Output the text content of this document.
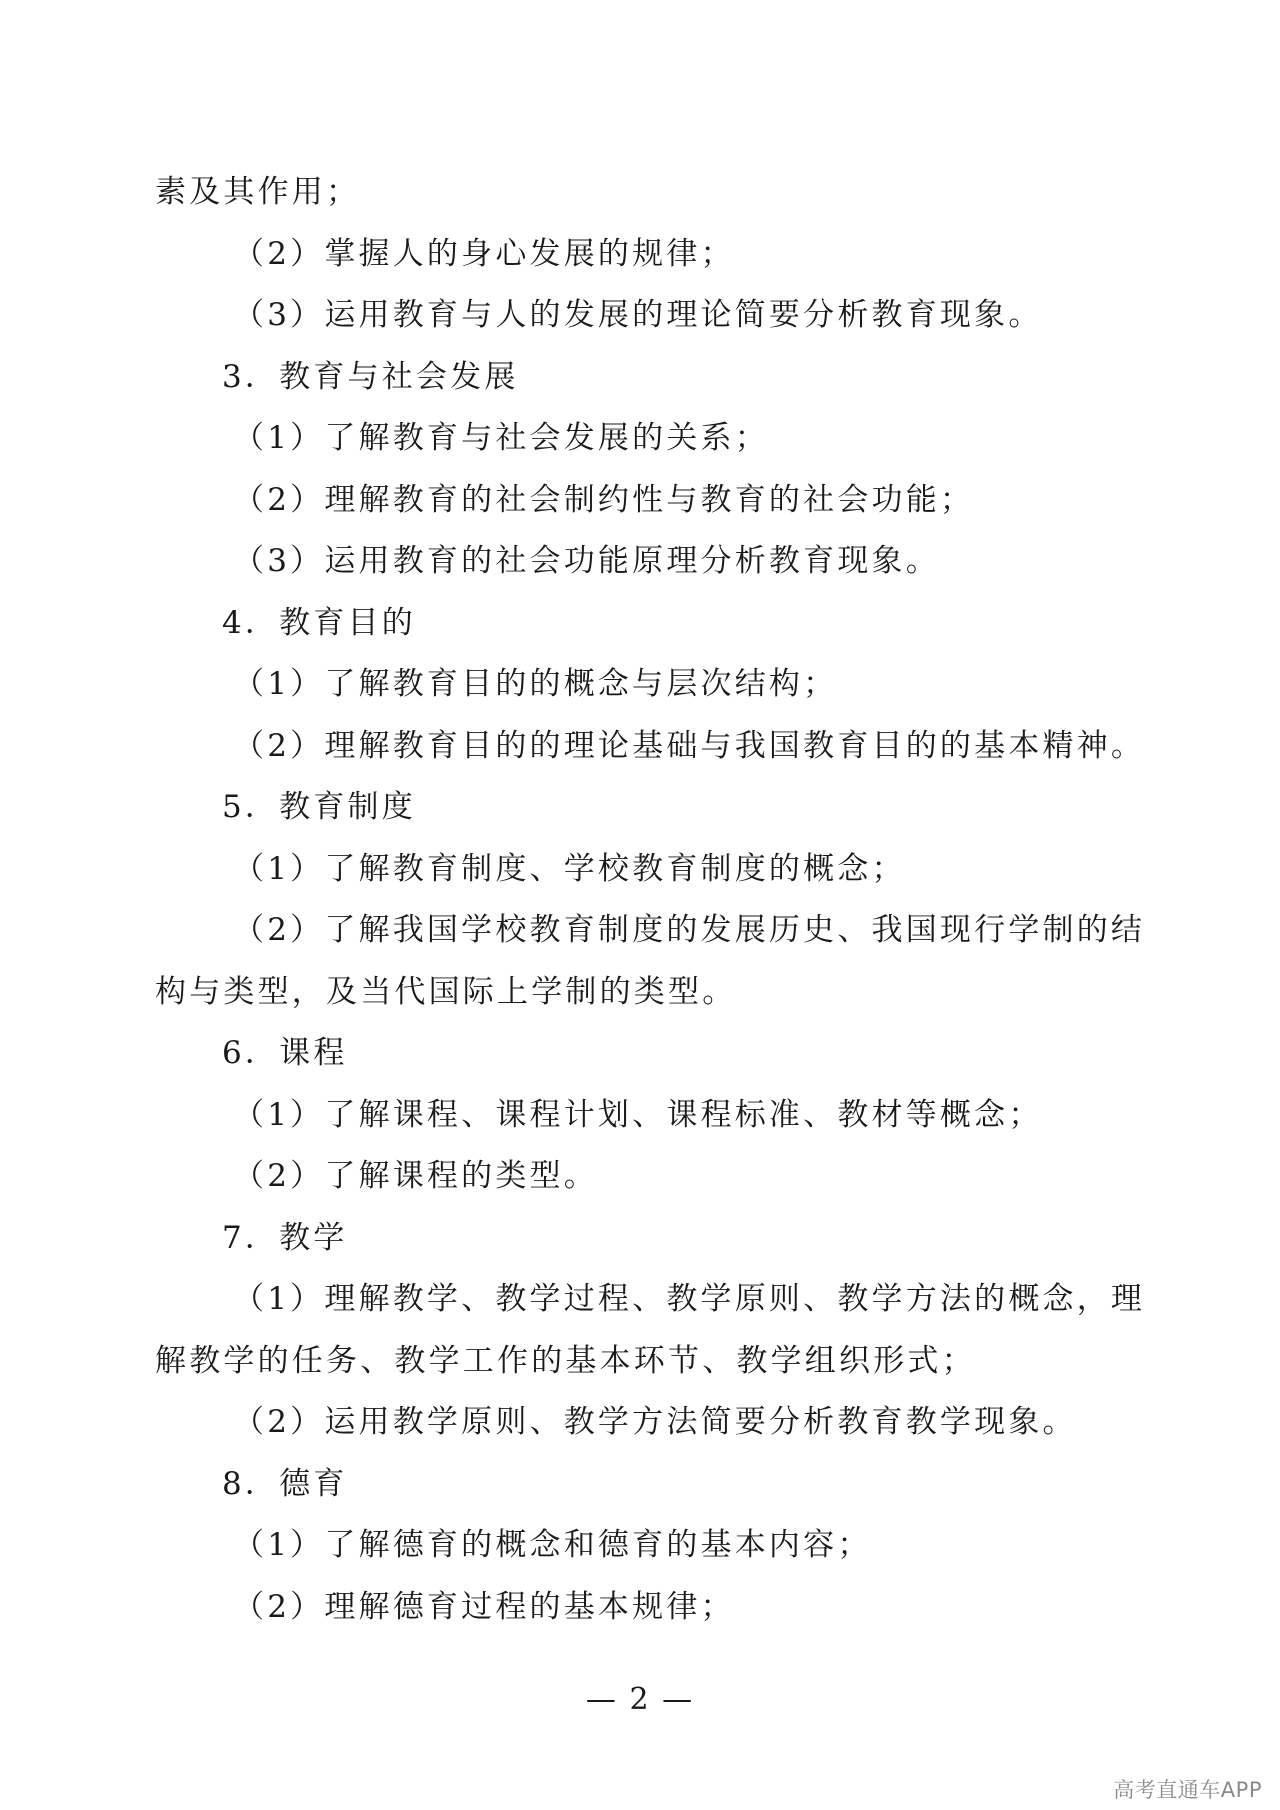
素及其作用；
（2）掌握人的身心发展的规律；
（3）运用教育与人的发展的理论简要分析教育现象。
3．教育与社会发展
（1）了解教育与社会发展的关系；
（2）理解教育的社会制约性与教育的社会功能；
（3）运用教育的社会功能原理分析教育现象。
4．教育目的
（1）了解教育目的的概念与层次结构；
（2）理解教育目的的理论基础与我国教育目的的基本精神。
5．教育制度
（1）了解教育制度、学校教育制度的概念；
（2）了解我国学校教育制度的发展历史、我国现行学制的结
构与类型，及当代国际上学制的类型。
6．课程
（1）了解课程、课程计划、课程标准、教材等概念；
（2）了解课程的类型。
7．教学
（1）理解教学、教学过程、教学原则、教学方法的概念，理
解教学的任务、教学工作的基本环节、教学组织形式；
（2）运用教学原则、教学方法简要分析教育教学现象。
8．德育
（1）了解德育的概念和德育的基本内容；
（2）理解德育过程的基本规律；
— 2 —
高考直通车APP
